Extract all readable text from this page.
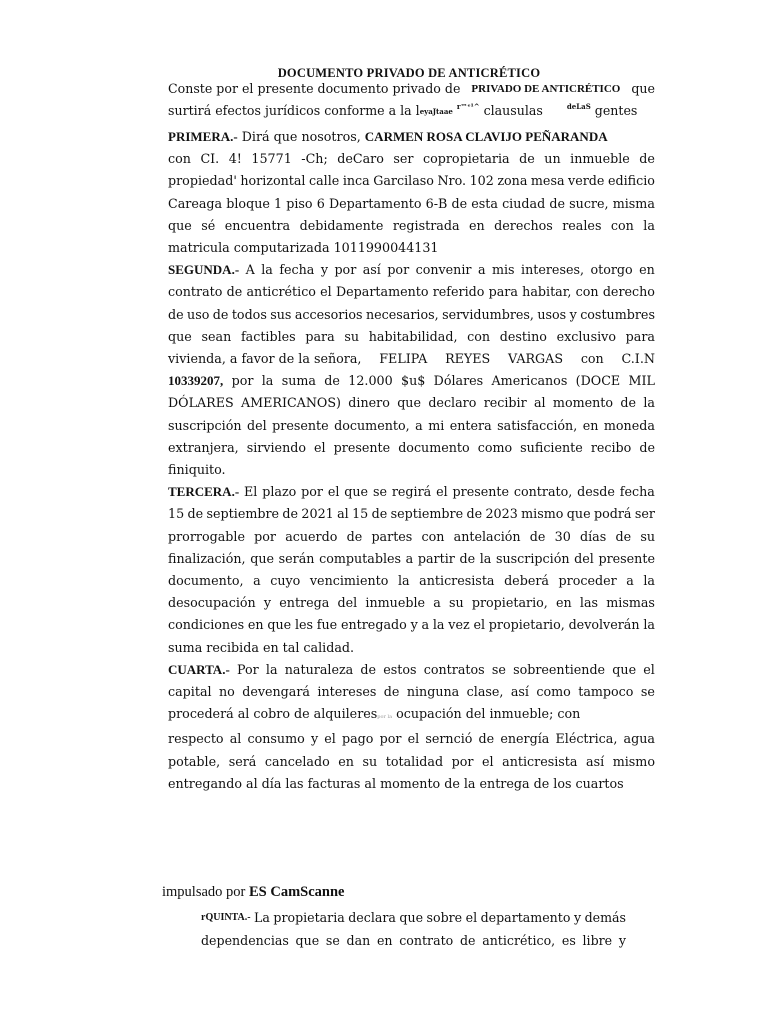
DOCUMENTO PRIVADO DE ANTICRÉTICO
Conste por el presente documento privado de PRIVADO DE ANTICRÉTICO que
surtirá efectos jurídicos conforme a la leyaJtaae $^{r™ᵉ^1\^{}}$ clausulas	$^{deLaS}$ gentes

PRIMERA.- Dirá que nosotros, CARMEN ROSA CLAVIJO PEÑARANDA
con CI. 4! 15771 -Ch; deCaro ser copropietaria de un inmueble de
propiedad' horizontal calle inca Garcilaso Nro. 102 zona mesa verde edificio
Careaga bloque 1 piso 6 Departamento 6-B de esta ciudad de sucre, misma
que sé encuentra debidamente registrada en derechos reales con la
matricula computarizada 1011990044131

SEGUNDA.- A la fecha y por así por convenir a mis intereses, otorgo en
contrato de anticrético el Departamento referido para habitar, con derecho
de uso de todos sus accesorios necesarios, servidumbres, usos y costumbres
que sean factibles para su habitabilidad, con destino exclusivo para
vivienda, a favor de la señora, FELIPA REYES VARGAS con C.I.N
10339207, por la suma de 12.000 $u$ Dólares Americanos (DOCE MIL
DÓLARES AMERICANOS) dinero que declaro recibir al momento de la
suscripción del presente documento, a mi entera satisfacción, en moneda
extranjera, sirviendo el presente documento como suficiente recibo de
finiquito.

TERCERA.- El plazo por el que se regirá el presente contrato, desde fecha
15 de septiembre de 2021 al 15 de septiembre de 2023 mismo que podrá ser
prorrogable por acuerdo de partes con antelación de 30 días de su
finalización, que serán computables a partir de la suscripción del presente
documento, a cuyo vencimiento la anticresista deberá proceder a la
desocupación y entrega del inmueble a su propietario, en las mismas
condiciones en que les fue entregado y a la vez el propietario, devolverán la
suma recibida en tal calidad.

CUARTA.- Por la naturaleza de estos contratos se sobreentiende que el
capital no devengará intereses de ninguna clase, así como tampoco se
procederá al cobro de alquilerespor la ocupación del inmueble; con
respecto al consumo y el pago por el sernció de energía Eléctrica, agua
potable, será cancelado en su totalidad por el anticresista así mismo
entregando al día las facturas al momento de la entrega de los cuartos

impulsado por ES CamScanne
rQUINTA.- La propietaria declara que sobre el departamento y demás
dependencias que se dan en contrato de anticrético, es libre y
